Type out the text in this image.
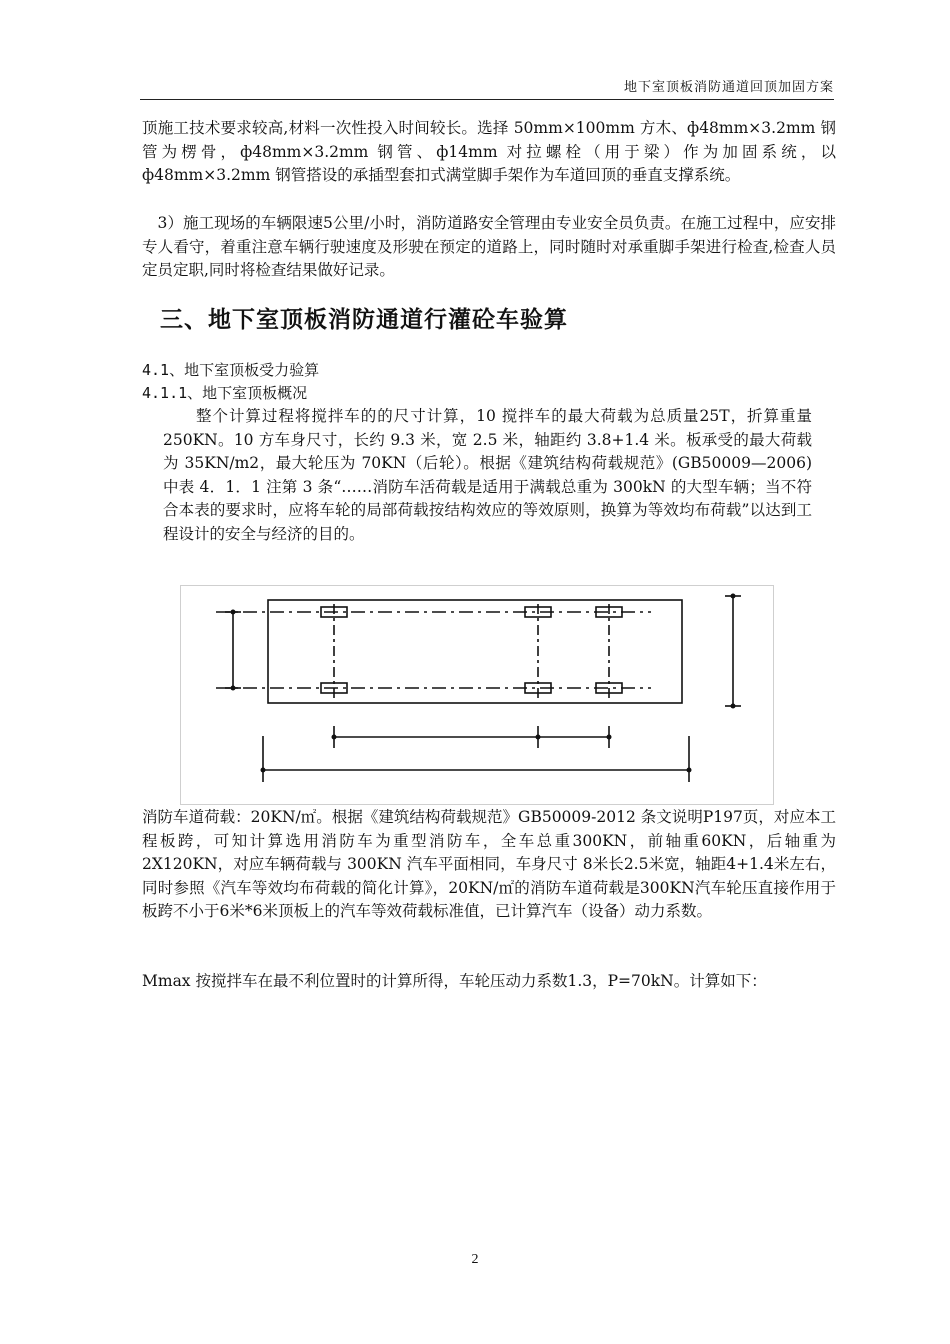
地下室顶板消防通道回顶加固方案

顶施工技术要求较高,材料一次性投入时间较长。选择 50mm×100mm 方木、ф48mm×3.2mm 钢管为楞骨，ф48mm×3.2mm 钢管、ф14mm 对拉螺栓（用于梁）作为加固系统，以ф48mm×3.2mm 钢管搭设的承插型套扣式满堂脚手架作为车道回顶的垂直支撑系统。

　3）施工现场的车辆限速5公里/小时，消防道路安全管理由专业安全员负责。在施工过程中，应安排专人看守，着重注意车辆行驶速度及形驶在预定的道路上，同时随时对承重脚手架进行检查,检查人员定员定职,同时将检查结果做好记录。

三、地下室顶板消防通道行灌砼车验算
4.1、地下室顶板受力验算
4.1.1、地下室顶板概况

整个计算过程将搅拌车的的尺寸计算，10 搅拌车的最大荷载为总质量25T，折算重量 250KN。10 方车身尺寸，长约 9.3 米，宽 2.5 米，轴距约 3.8+1.4 米。板承受的最大荷载为 35KN/m2，最大轮压为 70KN（后轮）。根据《建筑结构荷载规范》(GB50009—2006)中表 4．1．1 注第 3 条“……消防车活荷载是适用于满载总重为 300kN 的大型车辆；当不符合本表的要求时，应将车轮的局部荷载按结构效应的等效原则，换算为等效均布荷载”以达到工程设计的安全与经济的目的。

消防车道荷载：20KN/㎡。根据《建筑结构荷载规范》GB50009-2012 条文说明P197页，对应本工程板跨，可知计算选用消防车为重型消防车，全车总重300KN，前轴重60KN，后轴重为 2X120KN，对应车辆荷载与 300KN 汽车平面相同，车身尺寸 8米长2.5米宽，轴距4+1.4米左右，同时参照《汽车等效均布荷载的简化计算》，20KN/㎡的消防车道荷载是300KN汽车轮压直接作用于板跨不小于6米*6米顶板上的汽车等效荷载标准值，已计算汽车（设备）动力系数。

Mmax 按搅拌车在最不利位置时的计算所得，车轮压动力系数1.3，P=70kN。计算如下：

2
